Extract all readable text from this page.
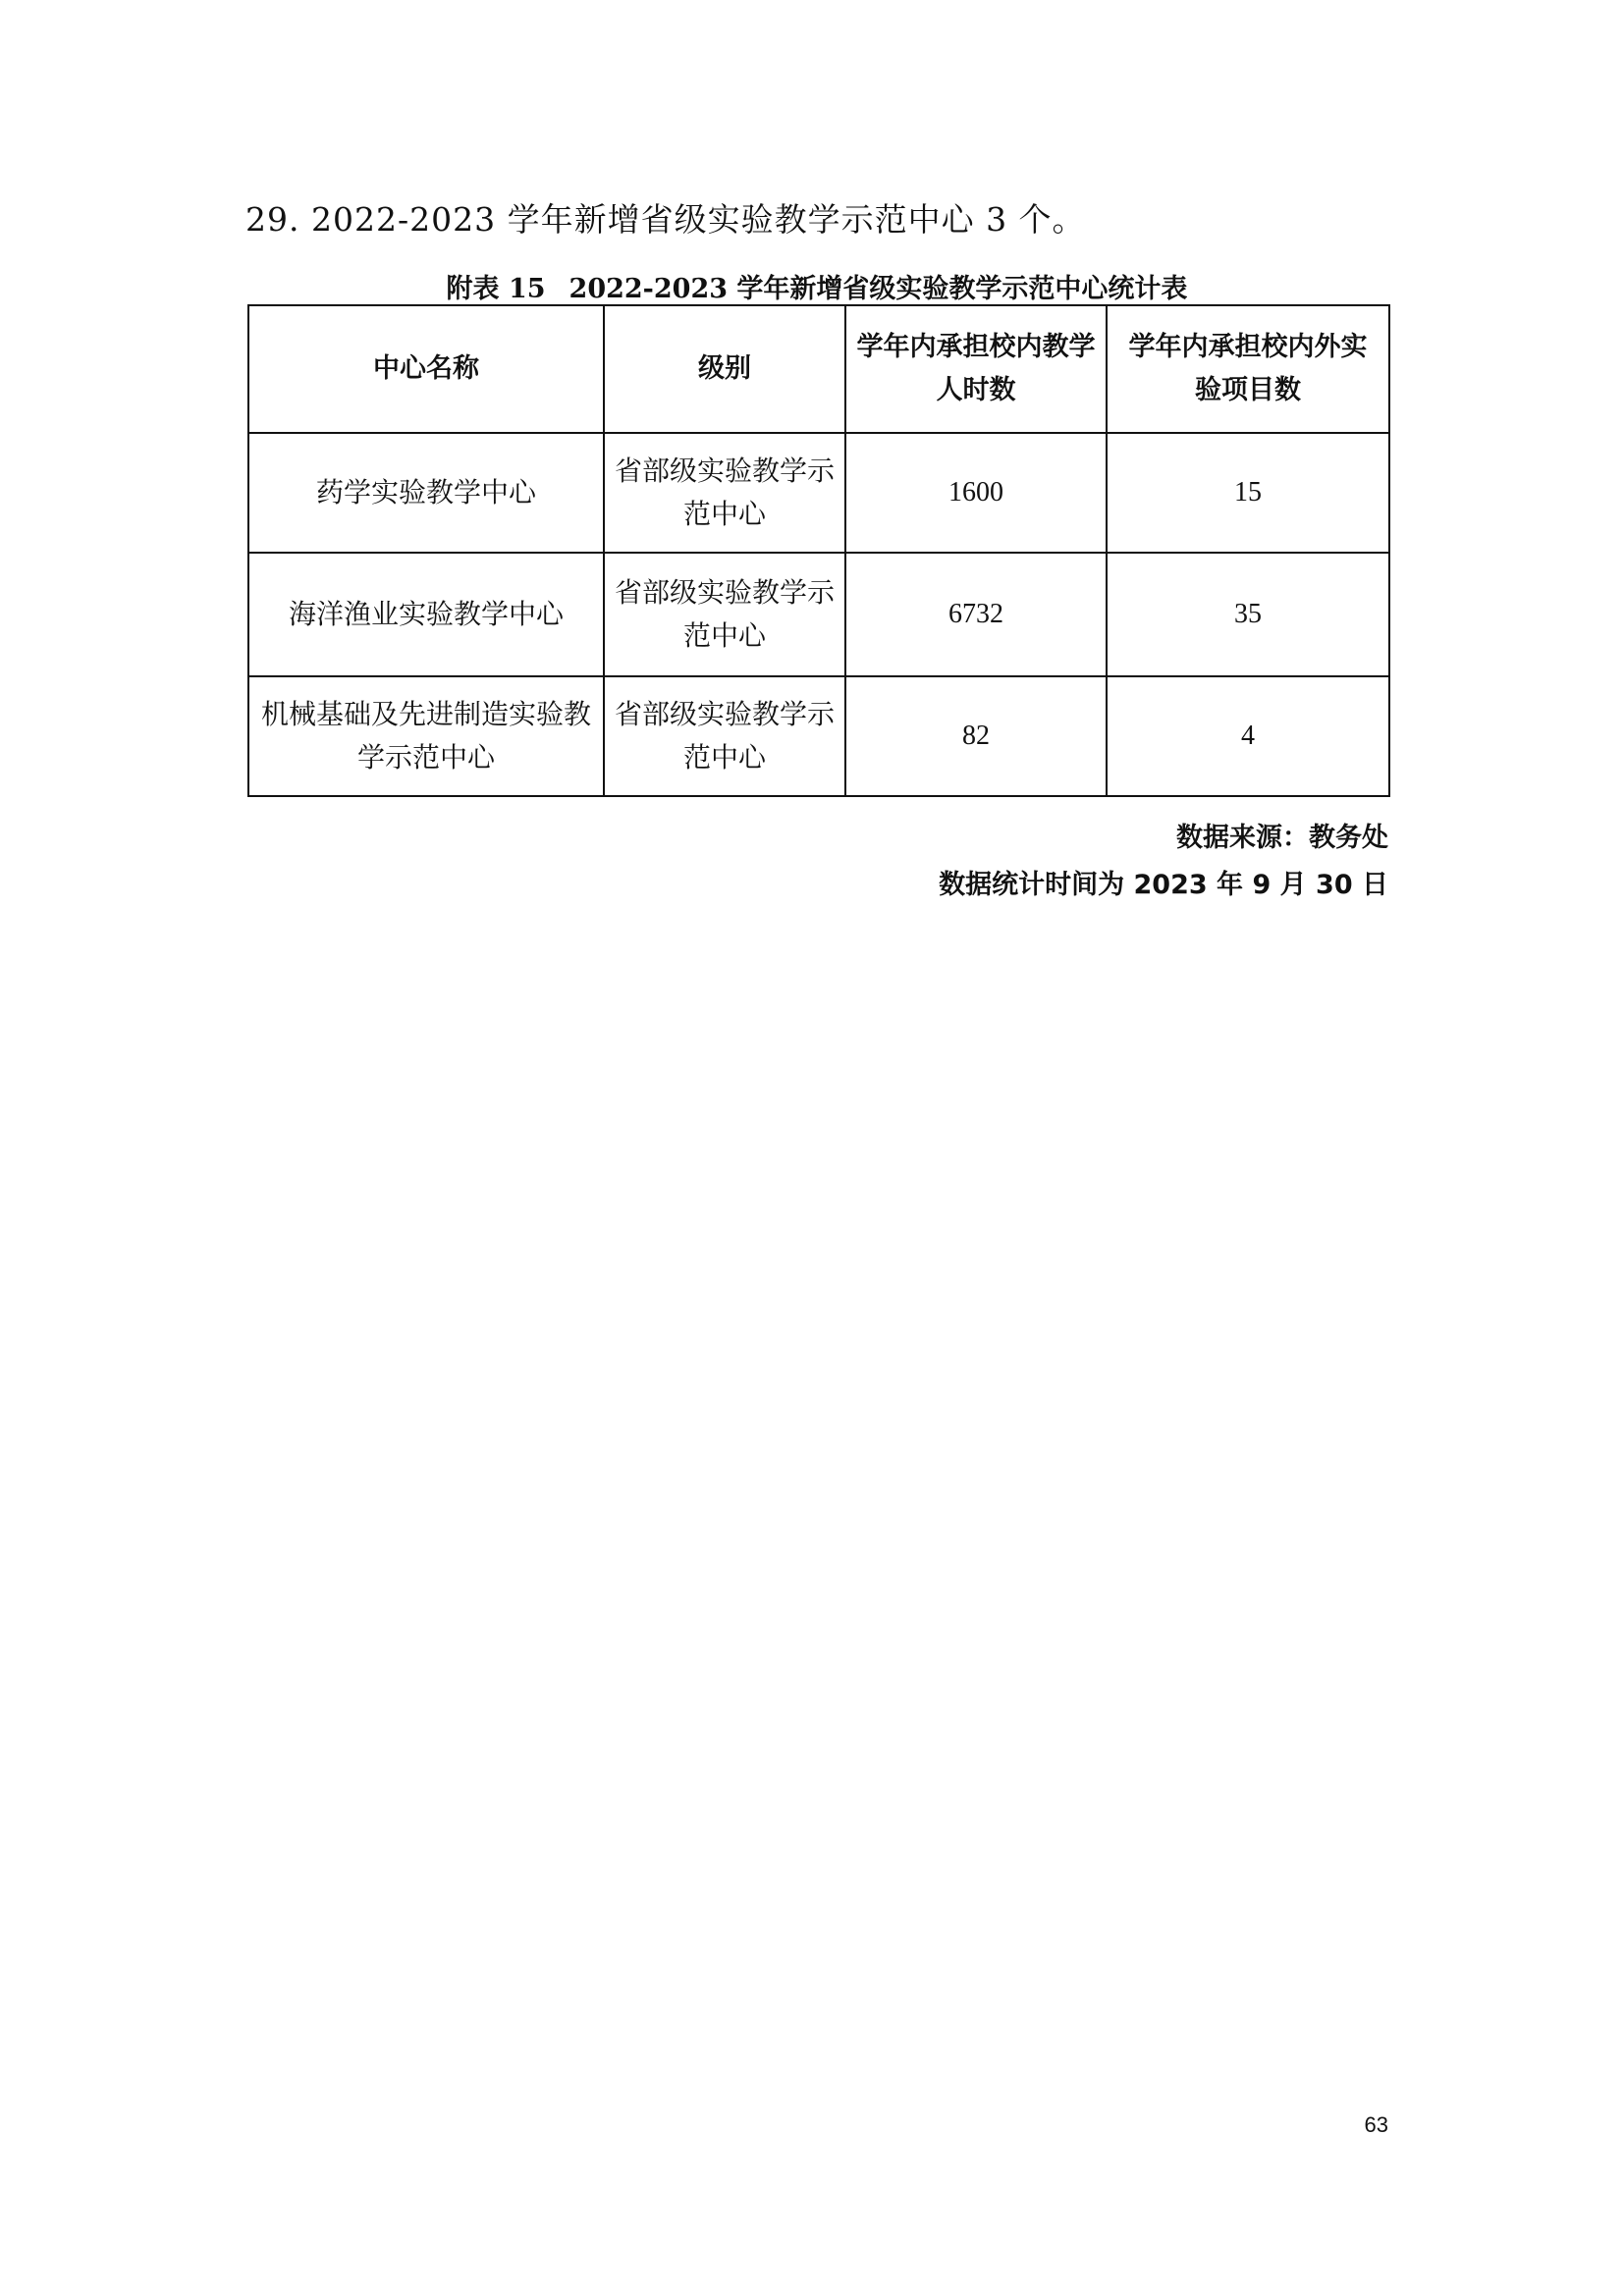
29. 2022-2023 学年新增省级实验教学示范中心 3 个。
附表 15 2022-2023 学年新增省级实验教学示范中心统计表
中心名称	级别	学年内承担校内教学人时数	学年内承担校内外实验项目数
药学实验教学中心	省部级实验教学示范中心	1600	15
海洋渔业实验教学中心	省部级实验教学示范中心	6732	35
机械基础及先进制造实验教学示范中心	省部级实验教学示范中心	82	4
数据来源：教务处
数据统计时间为 2023 年 9 月 30 日
63
